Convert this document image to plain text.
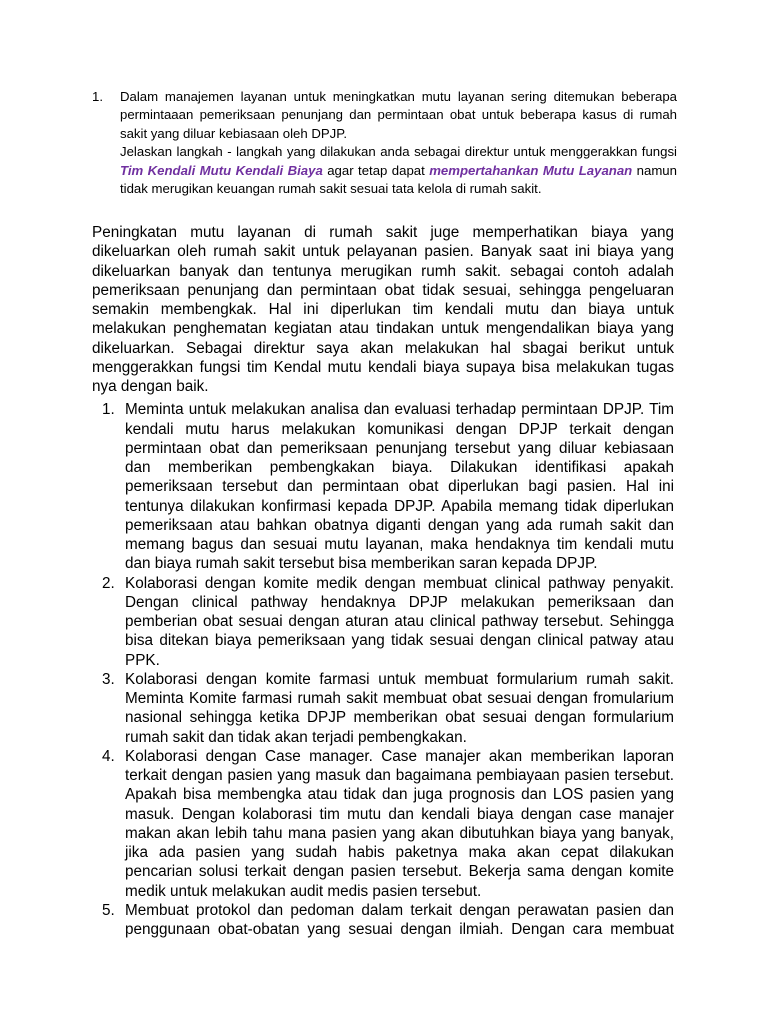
1.	Dalam manajemen layanan untuk meningkatkan mutu layanan sering ditemukan beberapa permintaaan pemeriksaan penunjang dan permintaan obat untuk beberapa kasus di rumah sakit yang diluar kebiasaan oleh DPJP.

Jelaskan langkah - langkah yang dilakukan anda sebagai direktur untuk menggerakkan fungsi Tim Kendali Mutu Kendali Biaya agar tetap dapat mempertahankan Mutu Layanan namun tidak merugikan keuangan rumah sakit sesuai tata kelola di rumah sakit.

Peningkatan mutu layanan di rumah sakit juge memperhatikan biaya yang dikeluarkan oleh rumah sakit untuk pelayanan pasien. Banyak saat ini biaya yang dikeluarkan banyak dan tentunya merugikan rumh sakit. sebagai contoh adalah pemeriksaan penunjang dan permintaan obat tidak sesuai, sehingga pengeluaran semakin membengkak. Hal ini diperlukan tim kendali mutu dan biaya untuk melakukan penghematan kegiatan atau tindakan untuk mengendalikan biaya yang dikeluarkan. Sebagai direktur saya akan melakukan hal sbagai berikut untuk menggerakkan fungsi tim Kendal mutu kendali biaya supaya bisa melakukan tugas nya dengan baik.

1. Meminta untuk melakukan analisa dan evaluasi terhadap permintaan DPJP. Tim kendali mutu harus melakukan komunikasi dengan DPJP terkait dengan permintaan obat dan pemeriksaan penunjang tersebut yang diluar kebiasaan dan memberikan pembengkakan biaya. Dilakukan identifikasi apakah pemeriksaan tersebut dan permintaan obat diperlukan bagi pasien. Hal ini tentunya dilakukan konfirmasi kepada DPJP. Apabila memang tidak diperlukan pemeriksaan atau bahkan obatnya diganti dengan yang ada rumah sakit dan memang bagus dan sesuai mutu layanan, maka hendaknya tim kendali mutu dan biaya rumah sakit tersebut bisa memberikan saran kepada DPJP.
2. Kolaborasi dengan komite medik dengan membuat clinical pathway penyakit. Dengan clinical pathway hendaknya DPJP melakukan pemeriksaan dan pemberian obat sesuai dengan aturan atau clinical pathway tersebut. Sehingga bisa ditekan biaya pemeriksaan yang tidak sesuai dengan clinical patway atau PPK.
3. Kolaborasi dengan komite farmasi untuk membuat formularium rumah sakit. Meminta Komite farmasi rumah sakit membuat obat sesuai dengan fromularium nasional sehingga ketika DPJP memberikan obat sesuai dengan formularium rumah sakit dan tidak akan terjadi pembengkakan.
4. Kolaborasi dengan Case manager. Case manajer akan memberikan laporan terkait dengan pasien yang masuk dan bagaimana pembiayaan pasien tersebut. Apakah bisa membengka atau tidak dan juga prognosis dan LOS pasien yang masuk. Dengan kolaborasi tim mutu dan kendali biaya dengan case manajer makan akan lebih tahu mana pasien yang akan dibutuhkan biaya yang banyak, jika ada pasien yang sudah habis paketnya maka akan cepat dilakukan pencarian solusi terkait dengan pasien tersebut. Bekerja sama dengan komite medik untuk melakukan audit medis pasien tersebut.
5. Membuat protokol dan pedoman dalam terkait dengan perawatan pasien dan penggunaan obat-obatan yang sesuai dengan ilmiah. Dengan cara membuat
